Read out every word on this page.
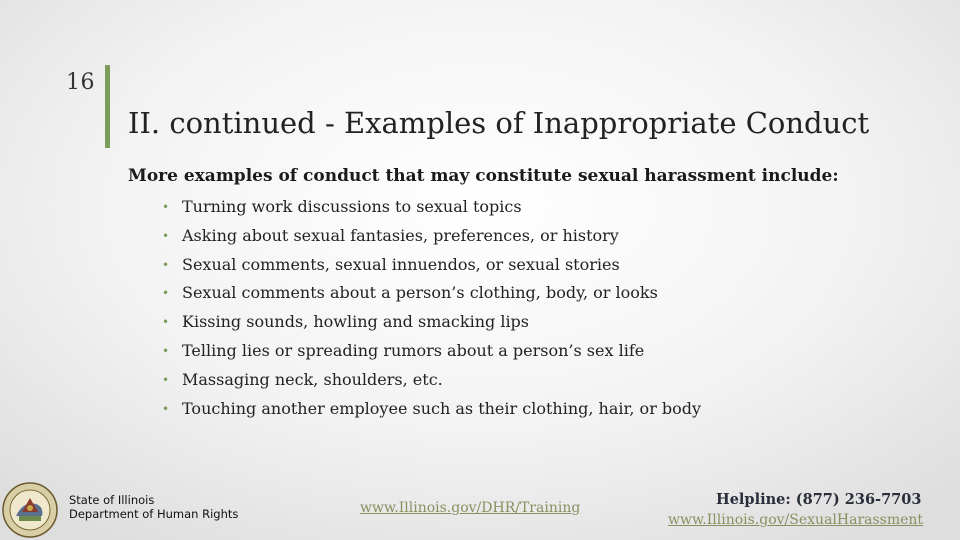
16
II. continued - Examples of Inappropriate Conduct
More examples of conduct that may constitute sexual harassment include:
• Turning work discussions to sexual topics
• Asking about sexual fantasies, preferences, or history
• Sexual comments, sexual innuendos, or sexual stories
• Sexual comments about a person’s clothing, body, or looks
• Kissing sounds, howling and smacking lips
• Telling lies or spreading rumors about a person’s sex life
• Massaging neck, shoulders, etc.
• Touching another employee such as their clothing, hair, or body
State of Illinois
Department of Human Rights	www.Illinois.gov/DHR/Training	Helpline: (877) 236-7703
www.Illinois.gov/SexualHarassment
